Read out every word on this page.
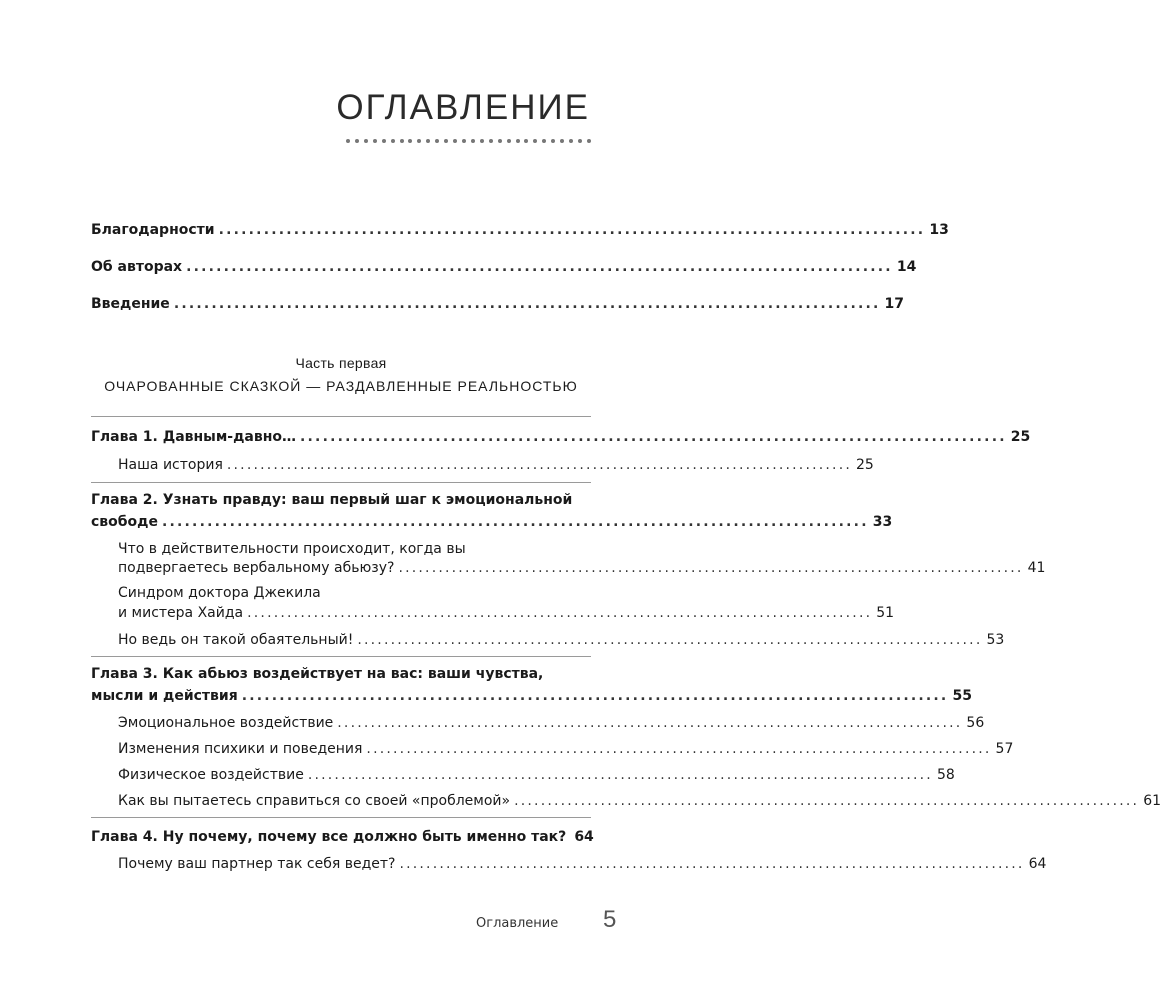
ОГЛАВЛЕНИЕ
Благодарности .............................................................................................. 13
Об авторах .............................................................................................. 14
Введение .............................................................................................. 17
Часть первая
ОЧАРОВАННЫЕ СКАЗКОЙ — РАЗДАВЛЕННЫЕ РЕАЛЬНОСТЬЮ
Глава 1. Давным-давно… .............................................................................................. 25
Наша история .............................................................................................. 25
Глава 2. Узнать правду: ваш первый шаг к эмоциональной
свободе .............................................................................................. 33
Что в действительности происходит, когда вы
подвергаетесь вербальному абьюзу? .............................................................................................. 41
Синдром доктора Джекила
и мистера Хайда .............................................................................................. 51
Но ведь он такой обаятельный! .............................................................................................. 53
Глава 3. Как абьюз воздействует на вас: ваши чувства,
мысли и действия .............................................................................................. 55
Эмоциональное воздействие .............................................................................................. 56
Изменения психики и поведения .............................................................................................. 57
Физическое воздействие .............................................................................................. 58
Как вы пытаетесь справиться со своей «проблемой» .............................................................................................. 61
Глава 4. Ну почему, почему все должно быть именно так? 64
Почему ваш партнер так себя ведет? .............................................................................................. 64
Оглавление 5
